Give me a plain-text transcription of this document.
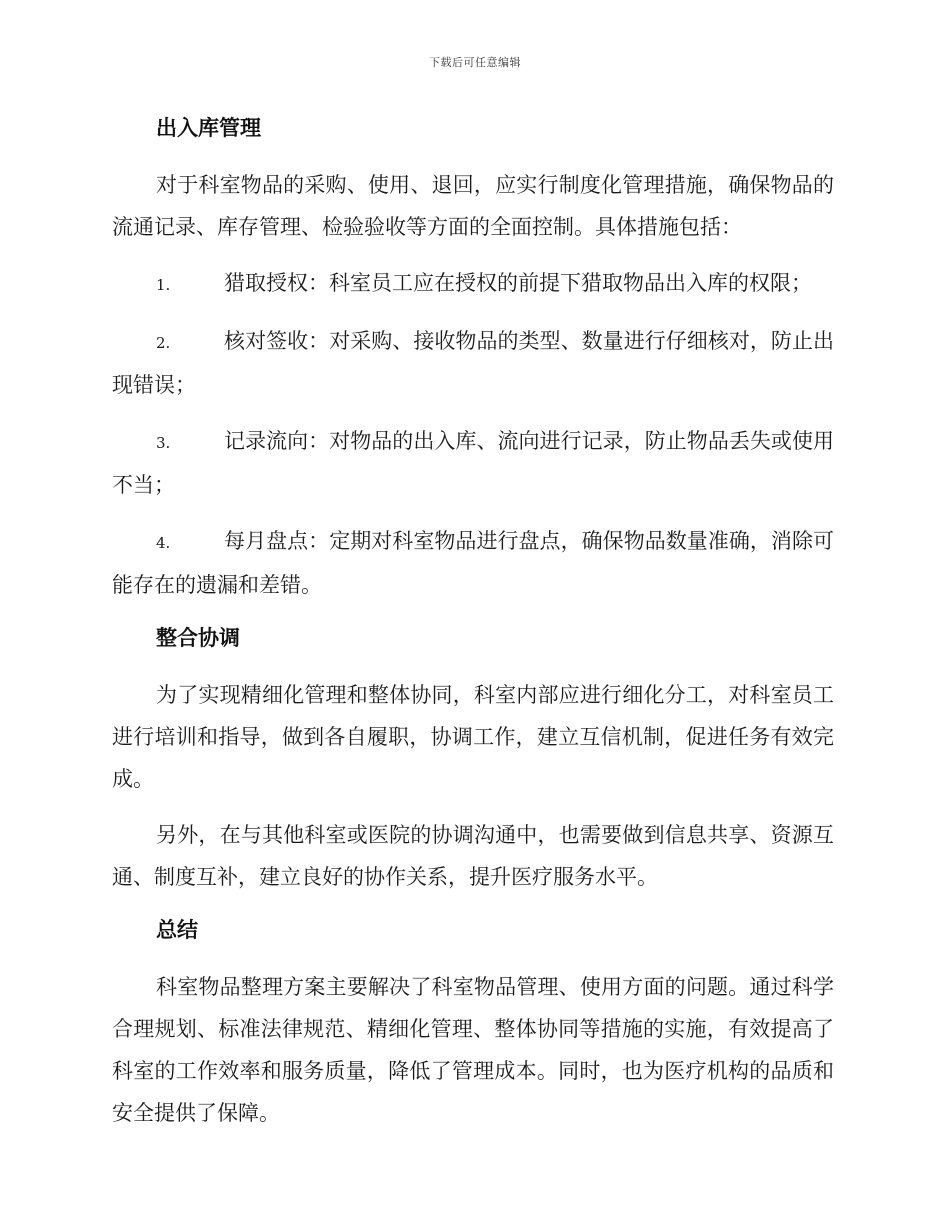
下载后可任意编辑
出入库管理

对于科室物品的采购、使用、退回，应实行制度化管理措施，确保物品的流通记录、库存管理、检验验收等方面的全面控制。具体措施包括：

1.	猎取授权：科室员工应在授权的前提下猎取物品出入库的权限；

2.	核对签收：对采购、接收物品的类型、数量进行仔细核对，防止出现错误；

3.	记录流向：对物品的出入库、流向进行记录，防止物品丢失或使用不当；

4.	每月盘点：定期对科室物品进行盘点，确保物品数量准确，消除可能存在的遗漏和差错。

整合协调

为了实现精细化管理和整体协同，科室内部应进行细化分工，对科室员工进行培训和指导，做到各自履职，协调工作，建立互信机制，促进任务有效完成。

另外，在与其他科室或医院的协调沟通中，也需要做到信息共享、资源互通、制度互补，建立良好的协作关系，提升医疗服务水平。

总结

科室物品整理方案主要解决了科室物品管理、使用方面的问题。通过科学合理规划、标准法律规范、精细化管理、整体协同等措施的实施，有效提高了科室的工作效率和服务质量，降低了管理成本。同时，也为医疗机构的品质和安全提供了保障。
